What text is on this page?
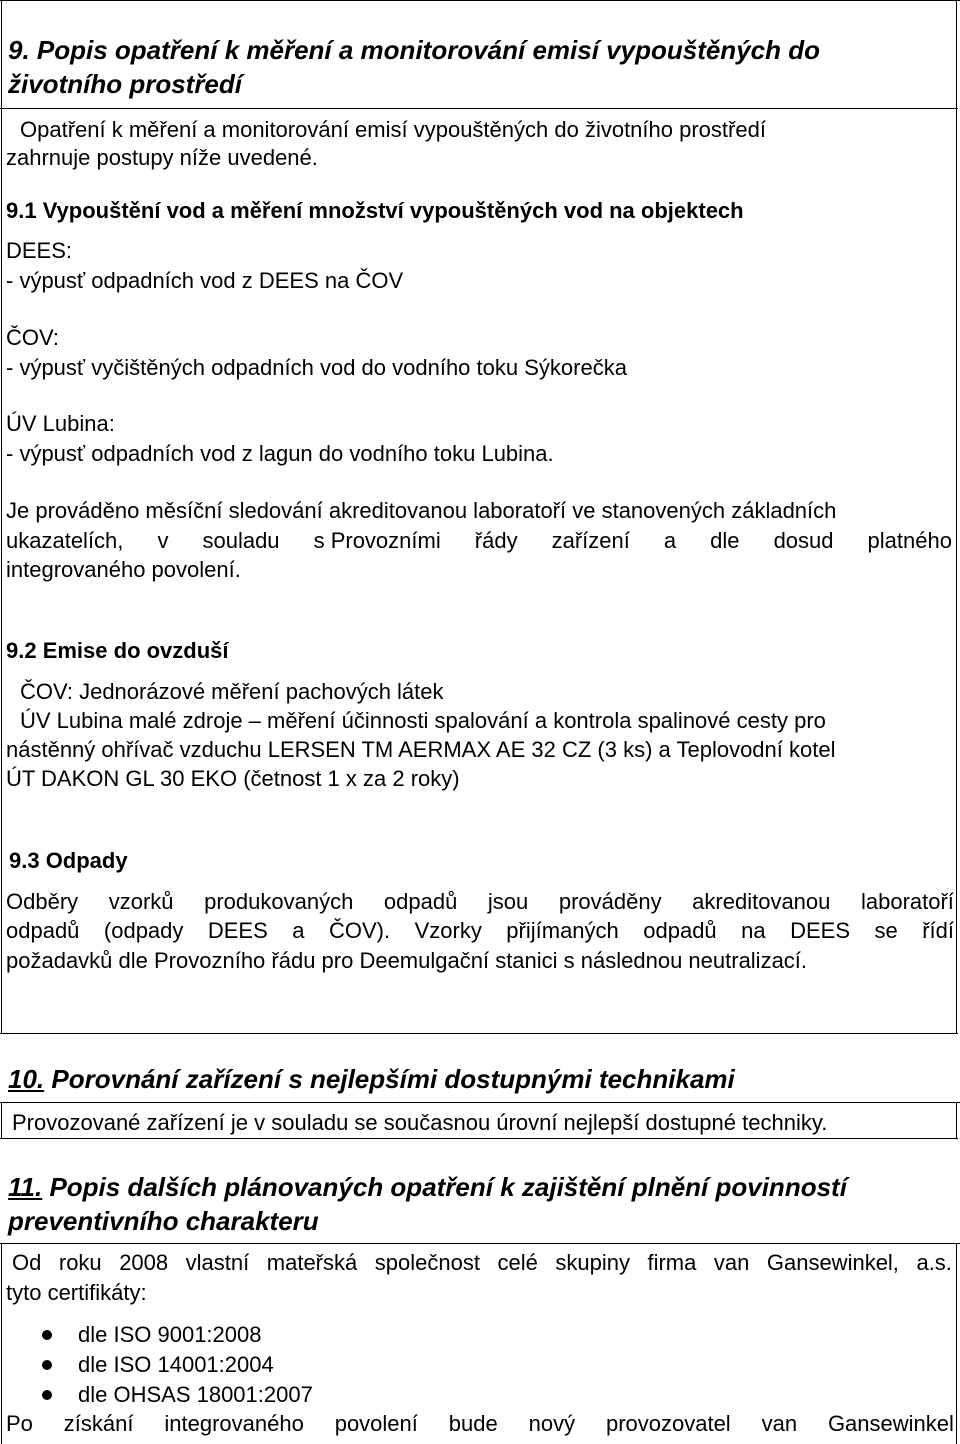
9. Popis opatření k měření a monitorování emisí vypouštěných do
životního prostředí
Opatření k měření a monitorování emisí vypouštěných do životního prostředí
zahrnuje postupy níže uvedené.
9.1 Vypouštění vod a měření množství vypouštěných vod na objektech
DEES:
- výpusť odpadních vod z DEES na ČOV
ČOV:
- výpusť vyčištěných odpadních vod do vodního toku Sýkorečka
ÚV Lubina:
- výpusť odpadních vod z lagun do vodního toku Lubina.
Je prováděno měsíční sledování akreditovanou laboratoří ve stanovených základních
ukazatelích, v souladu s Provozními řády zařízení a dle dosud platného
integrovaného povolení.
9.2 Emise do ovzduší
ČOV: Jednorázové měření pachových látek
ÚV Lubina malé zdroje – měření účinnosti spalování a kontrola spalinové cesty pro
nástěnný ohřívač vzduchu LERSEN TM AERMAX AE 32 CZ (3 ks) a Teplovodní kotel
ÚT DAKON GL 30 EKO (četnost 1 x za 2 roky)
9.3 Odpady
Odběry vzorků produkovaných odpadů jsou prováděny akreditovanou laboratoří
odpadů (odpady DEES a ČOV). Vzorky přijímaných odpadů na DEES se řídí
požadavků dle Provozního řádu pro Deemulgační stanici s následnou neutralizací.
10. Porovnání zařízení s nejlepšími dostupnými technikami
Provozované zařízení je v souladu se současnou úrovní nejlepší dostupné techniky.
11. Popis dalších plánovaných opatření k zajištění plnění povinností
preventivního charakteru
Od roku 2008 vlastní mateřská společnost celé skupiny firma van Gansewinkel, a.s.
tyto certifikáty:
dle ISO 9001:2008
dle ISO 14001:2004
dle OHSAS 18001:2007
Po získání integrovaného povolení bude nový provozovatel van Gansewinkel
